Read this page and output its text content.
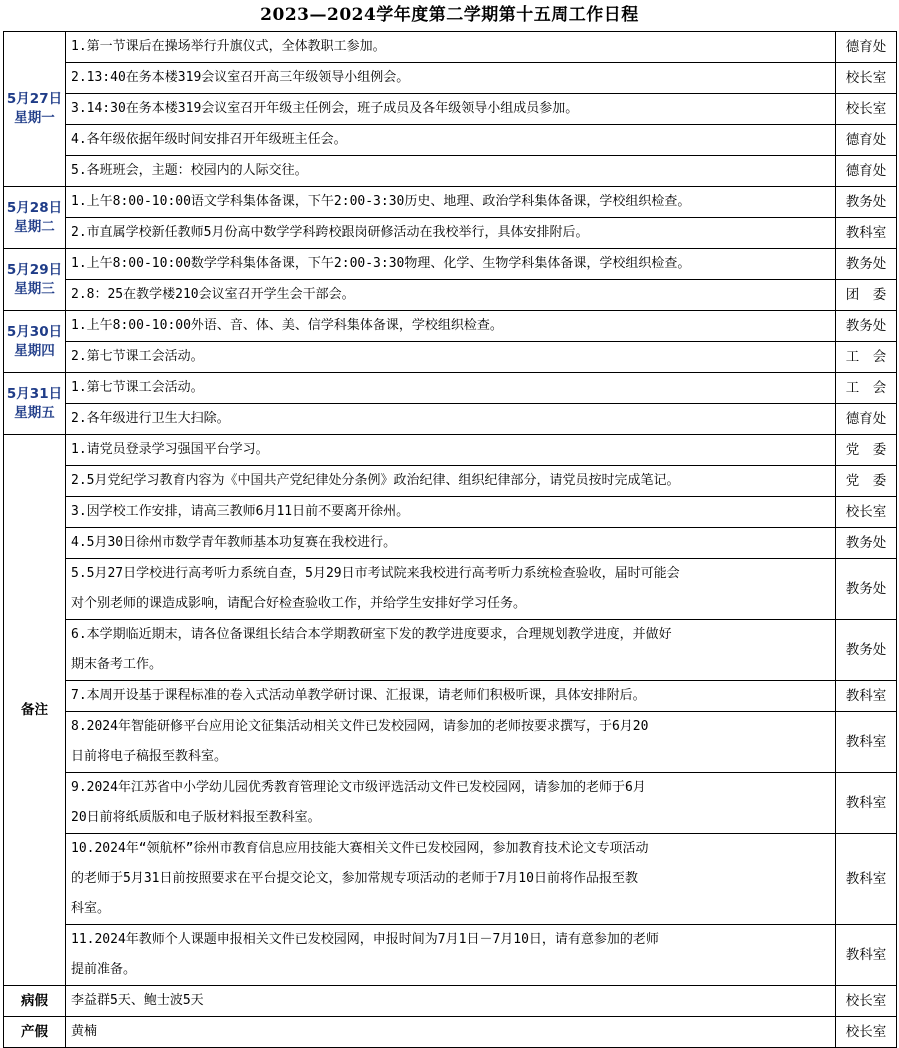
2023—2024学年度第二学期第十五周工作日程
5月27日
星期一	1.第一节课后在操场举行升旗仪式，全体教职工参加。	德育处
	2.13:40在务本楼319会议室召开高三年级领导小组例会。	校长室
	3.14:30在务本楼319会议室召开年级主任例会，班子成员及各年级领导小组成员参加。	校长室
	4.各年级依据年级时间安排召开年级班主任会。	德育处
	5.各班班会，主题：校园内的人际交往。	德育处

5月28日
星期二	1.上午8:00-10:00语文学科集体备课，下午2:00-3:30历史、地理、政治学科集体备课，学校组织检查。	教务处
	2.市直属学校新任教师5月份高中数学学科跨校跟岗研修活动在我校举行，具体安排附后。	教科室

5月29日
星期三	1.上午8:00-10:00数学学科集体备课，下午2:00-3:30物理、化学、生物学科集体备课，学校组织检查。	教务处
	2.8：25在教学楼210会议室召开学生会干部会。	团　委

5月30日
星期四	1.上午8:00-10:00外语、音、体、美、信学科集体备课，学校组织检查。	教务处
	2.第七节课工会活动。	工　会

5月31日
星期五	1.第七节课工会活动。	工　会
	2.各年级进行卫生大扫除。	德育处
备注	1.请党员登录学习强国平台学习。	党　委

	2.5月党纪学习教育内容为《中国共产党纪律处分条例》政治纪律、组织纪律部分，请党员按时完成笔记。	党　委

	3.因学校工作安排，请高三教师6月11日前不要离开徐州。	校长室

	4.5月30日徐州市数学青年教师基本功复赛在我校进行。	教务处

	5.5月27日学校进行高考听力系统自查，5月29日市考试院来我校进行高考听力系统检查验收，届时可能会
对个别老师的课造成影响，请配合好检查验收工作，并给学生安排好学习任务。	教务处

	6.本学期临近期末，请各位备课组长结合本学期教研室下发的教学进度要求，合理规划教学进度，并做好
期末备考工作。	教务处

	7.本周开设基于课程标准的卷入式活动单教学研讨课、汇报课，请老师们积极听课，具体安排附后。	教科室

	8.2024年智能研修平台应用论文征集活动相关文件已发校园网，请参加的老师按要求撰写，于6月20
日前将电子稿报至教科室。	教科室

	9.2024年江苏省中小学幼儿园优秀教育管理论文市级评选活动文件已发校园网，请参加的老师于6月
20日前将纸质版和电子版材料报至教科室。	教科室

	10.2024年“领航杯”徐州市教育信息应用技能大赛相关文件已发校园网，参加教育技术论文专项活动
的老师于5月31日前按照要求在平台提交论文，参加常规专项活动的老师于7月10日前将作品报至教
科室。	教科室

	11.2024年教师个人课题申报相关文件已发校园网，申报时间为7月1日－7月10日，请有意参加的老师
提前准备。	教科室
病假	李益群5天、鲍士波5天	校长室
产假	黄楠	校长室
